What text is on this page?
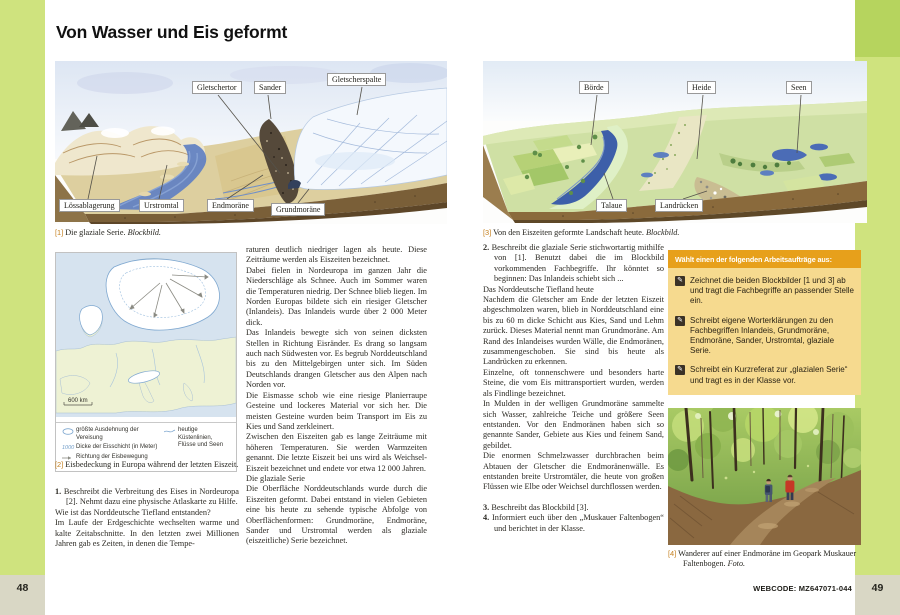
48	49
Von Wasser und Eis geformt
Gletschertor	Sander
Gletscherspalte
Lössablagerung	Urstromtal	Endmoräne	Grundmoräne
[1] Die glaziale Serie. Blockbild.
600 km
größte Ausdehnung der Vereisung
1000 Dicke der Eisschicht (in Meter)
Richtung der Eisbewegung
heutige Küstenlinien,
Flüsse und Seen
[2] Eisbedeckung in Europa während der letzten Eiszeit.

1. Beschreibt die Verbreitung des Eises in Nordeuropa [2]. Nehmt dazu eine physische Atlaskarte zu Hilfe.

Wie ist das Norddeutsche Tiefland entstanden?

Im Laufe der Erdgeschichte wechselten warme und kalte Zeitabschnitte. In den letzten zwei Millionen Jahren gab es Zeiten, in denen die Tempe-

raturen deutlich niedriger lagen als heute. Diese Zeiträume werden als Eiszeiten bezeichnet.

Dabei fielen in Nordeuropa im ganzen Jahr die Niederschläge als Schnee. Auch im Sommer waren die Temperaturen niedrig. Der Schnee blieb liegen. Im Norden Europas bildete sich ein riesiger Gletscher (Inlandeis). Das Inlandeis wurde über 2 000 Meter dick.

Das Inlandeis bewegte sich von seinen dicksten Stellen in Richtung Eisränder. Es drang so langsam auch nach Südwesten vor. Es begrub Norddeutschland bis zu den Mittelgebirgen unter sich. Im Süden Deutschlands drangen Gletscher aus den Alpen nach Norden vor.

Die Eismasse schob wie eine riesige Planierraupe Gesteine und lockeres Material vor sich her. Die meisten Gesteine wurden beim Transport im Eis zu Kies und Sand zerkleinert.

Zwischen den Eiszeiten gab es lange Zeiträume mit höheren Temperaturen. Sie werden Warmzeiten genannt. Die letzte Eiszeit bei uns wird als Weichsel-Eiszeit bezeichnet und endete vor etwa 12 000 Jahren.

Die glaziale Serie

Die Oberfläche Norddeutschlands wurde durch die Eiszeiten geformt. Dabei entstand in vielen Gebieten eine bis heute zu sehende typische Abfolge von Oberflächenformen: Grundmoräne, Endmoräne, Sander und Urstromtal werden als glaziale (eiszeitliche) Serie bezeichnet.

Börde	Heide	Seen
Talaue	Landrücken
[3] Von den Eiszeiten geformte Landschaft heute. Blockbild.

2. Beschreibt die glaziale Serie stichwortartig mithilfe von [1]. Benutzt dabei die im Blockbild vorkommenden Fachbegriffe. Ihr könntet so beginnen: Das Inlandeis schiebt sich ...

Das Norddeutsche Tiefland heute

Nachdem die Gletscher am Ende der letzten Eiszeit abgeschmolzen waren, blieb in Norddeutschland eine bis zu 60 m dicke Schicht aus Kies, Sand und Lehm zurück. Dieses Material nennt man Grundmoräne. Am Rand des Inlandeises wurden Wälle, die Endmoränen, zusammengeschoben. Sie sind bis heute als Landrücken zu erkennen.

Einzelne, oft tonnenschwere und besonders harte Steine, die vom Eis mittransportiert wurden, werden als Findlinge bezeichnet.

In Mulden in der welligen Grundmoräne sammelte sich Wasser, zahlreiche Teiche und größere Seen entstanden. Vor den Endmoränen haben sich so genannte Sander, Gebiete aus Kies und feinem Sand, gebildet.

Die enormen Schmelzwasser durchbrachen beim Abtauen der Gletscher die Endmoränenwälle. Es entstanden breite Urstromtäler, die heute von großen Flüssen wie Elbe oder Weichsel durchflossen werden.

3. Beschreibt das Blockbild [3].

4. Informiert euch über den „Muskauer Faltenbogen“ und berichtet in der Klasse.

Wählt einen der folgenden Arbeitsaufträge aus:
✎ Zeichnet die beiden Blockbilder [1 und 3] ab und tragt die Fachbegriffe an passender Stelle ein.
✎ Schreibt eigene Worterklärungen zu den Fachbegriffen Inlandeis, Grundmoräne, Endmoräne, Sander, Urstromtal, glaziale Serie.
✎ Schreibt ein Kurzreferat zur „glazialen Serie“ und tragt es in der Klasse vor.
[4] Wanderer auf einer Endmoräne im Geopark Muskauer Faltenbogen. Foto.
WEBCODE: MZ647071-044
